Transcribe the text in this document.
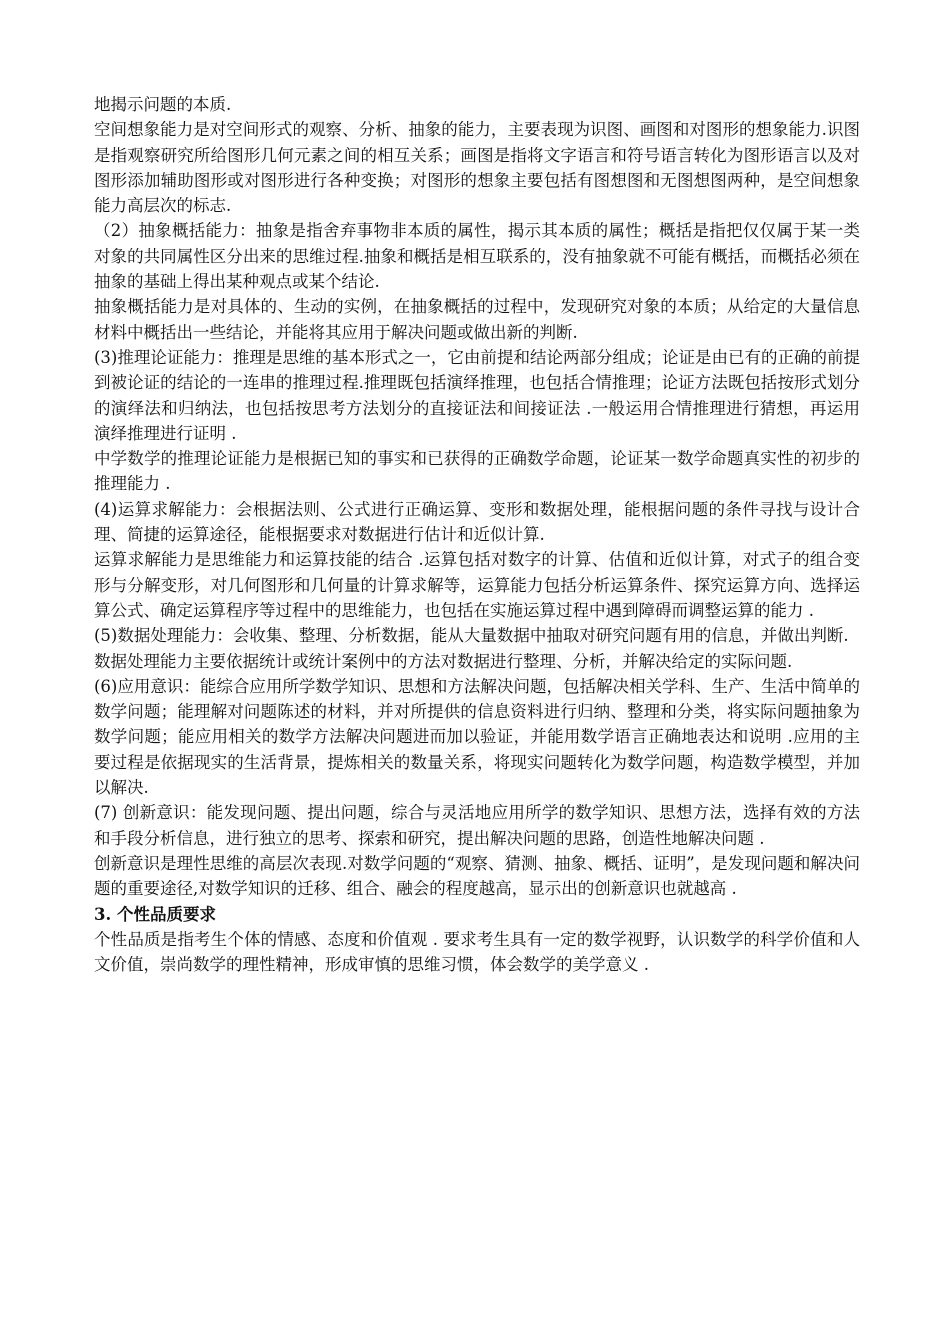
地揭示问题的本质.

空间想象能力是对空间形式的观察、分析、抽象的能力，主要表现为识图、画图和对图形的想象能力.识图是指观察研究所给图形几何元素之间的相互关系；画图是指将文字语言和符号语言转化为图形语言以及对图形添加辅助图形或对图形进行各种变换；对图形的想象主要包括有图想图和无图想图两种，是空间想象能力高层次的标志.

（2）抽象概括能力：抽象是指舍弃事物非本质的属性，揭示其本质的属性；概括是指把仅仅属于某一类对象的共同属性区分出来的思维过程.抽象和概括是相互联系的，没有抽象就不可能有概括，而概括必须在抽象的基础上得出某种观点或某个结论.

抽象概括能力是对具体的、生动的实例，在抽象概括的过程中，发现研究对象的本质；从给定的大量信息材料中概括出一些结论，并能将其应用于解决问题或做出新的判断.

(3)推理论证能力：推理是思维的基本形式之一，它由前提和结论两部分组成；论证是由已有的正确的前提到被论证的结论的一连串的推理过程.推理既包括演绎推理，也包括合情推理；论证方法既包括按形式划分的演绎法和归纳法，也包括按思考方法划分的直接证法和间接证法 .一般运用合情推理进行猜想，再运用演绎推理进行证明 .

中学数学的推理论证能力是根据已知的事实和已获得的正确数学命题，论证某一数学命题真实性的初步的推理能力 .

(4)运算求解能力：会根据法则、公式进行正确运算、变形和数据处理，能根据问题的条件寻找与设计合理、简捷的运算途径，能根据要求对数据进行估计和近似计算.

运算求解能力是思维能力和运算技能的结合 .运算包括对数字的计算、估值和近似计算，对式子的组合变形与分解变形，对几何图形和几何量的计算求解等，运算能力包括分析运算条件、探究运算方向、选择运算公式、确定运算程序等过程中的思维能力，也包括在实施运算过程中遇到障碍而调整运算的能力 .

(5)数据处理能力：会收集、整理、分析数据，能从大量数据中抽取对研究问题有用的信息，并做出判断.

数据处理能力主要依据统计或统计案例中的方法对数据进行整理、分析，并解决给定的实际问题.

(6)应用意识：能综合应用所学数学知识、思想和方法解决问题，包括解决相关学科、生产、生活中简单的数学问题；能理解对问题陈述的材料，并对所提供的信息资料进行归纳、整理和分类，将实际问题抽象为数学问题；能应用相关的数学方法解决问题进而加以验证，并能用数学语言正确地表达和说明 .应用的主要过程是依据现实的生活背景，提炼相关的数量关系，将现实问题转化为数学问题，构造数学模型，并加以解决.

(7) 创新意识：能发现问题、提出问题，综合与灵活地应用所学的数学知识、思想方法，选择有效的方法和手段分析信息，进行独立的思考、探索和研究，提出解决问题的思路，创造性地解决问题 .

创新意识是理性思维的高层次表现.对数学问题的“观察、猜测、抽象、概括、证明”，是发现问题和解决问题的重要途径,对数学知识的迁移、组合、融会的程度越高，显示出的创新意识也就越高 .

3. 个性品质要求

个性品质是指考生个体的情感、态度和价值观 . 要求考生具有一定的数学视野，认识数学的科学价值和人文价值，崇尚数学的理性精神，形成审慎的思维习惯，体会数学的美学意义 .
